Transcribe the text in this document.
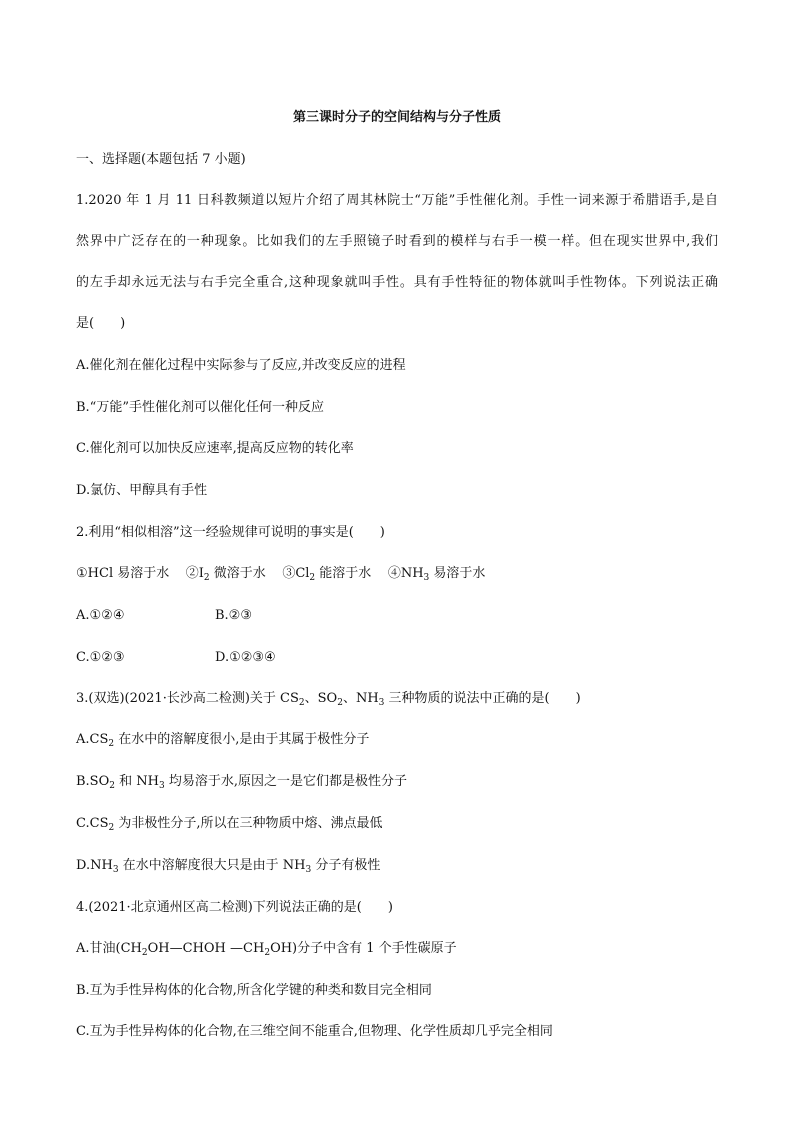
第三课时分子的空间结构与分子性质
一、选择题(本题包括 7 小题)
1.2020 年 1 月 11 日科教频道以短片介绍了周其林院士“万能”手性催化剂。手性一词来源于希腊语手,是自
然界中广泛存在的一种现象。比如我们的左手照镜子时看到的模样与右手一模一样。但在现实世界中,我们
的左手却永远无法与右手完全重合,这种现象就叫手性。具有手性特征的物体就叫手性物体。下列说法正确
是(　　)
A.催化剂在催化过程中实际参与了反应,并改变反应的进程
B.“万能”手性催化剂可以催化任何一种反应
C.催化剂可以加快反应速率,提高反应物的转化率
D.氯仿、甲醇具有手性
2.利用“相似相溶”这一经验规律可说明的事实是(　　)
①HCl 易溶于水 $②I_2$ 微溶于水 $③Cl_2$ 能溶于水 $④NH_3$ 易溶于水
A.①②④	B.②③
C.①②③	D.①②③④
3.(双选)(2021·长沙高二检测)关于 $CS_2$、$SO_2$、$NH_3$ 三种物质的说法中正确的是(　　)
$A.CS_2$ 在水中的溶解度很小,是由于其属于极性分子
$B.SO_2$ 和 $NH_3$ 均易溶于水,原因之一是它们都是极性分子
$C.CS_2$ 为非极性分子,所以在三种物质中熔、沸点最低
$D.NH_3$ 在水中溶解度很大只是由于 $NH_3$ 分子有极性
4.(2021·北京通州区高二检测)下列说法正确的是(　　)
A.甘油($CH_2OH—CHOH$ $—CH_2OH$)分子中含有 1 个手性碳原子
B.互为手性异构体的化合物,所含化学键的种类和数目完全相同
C.互为手性异构体的化合物,在三维空间不能重合,但物理、化学性质却几乎完全相同
